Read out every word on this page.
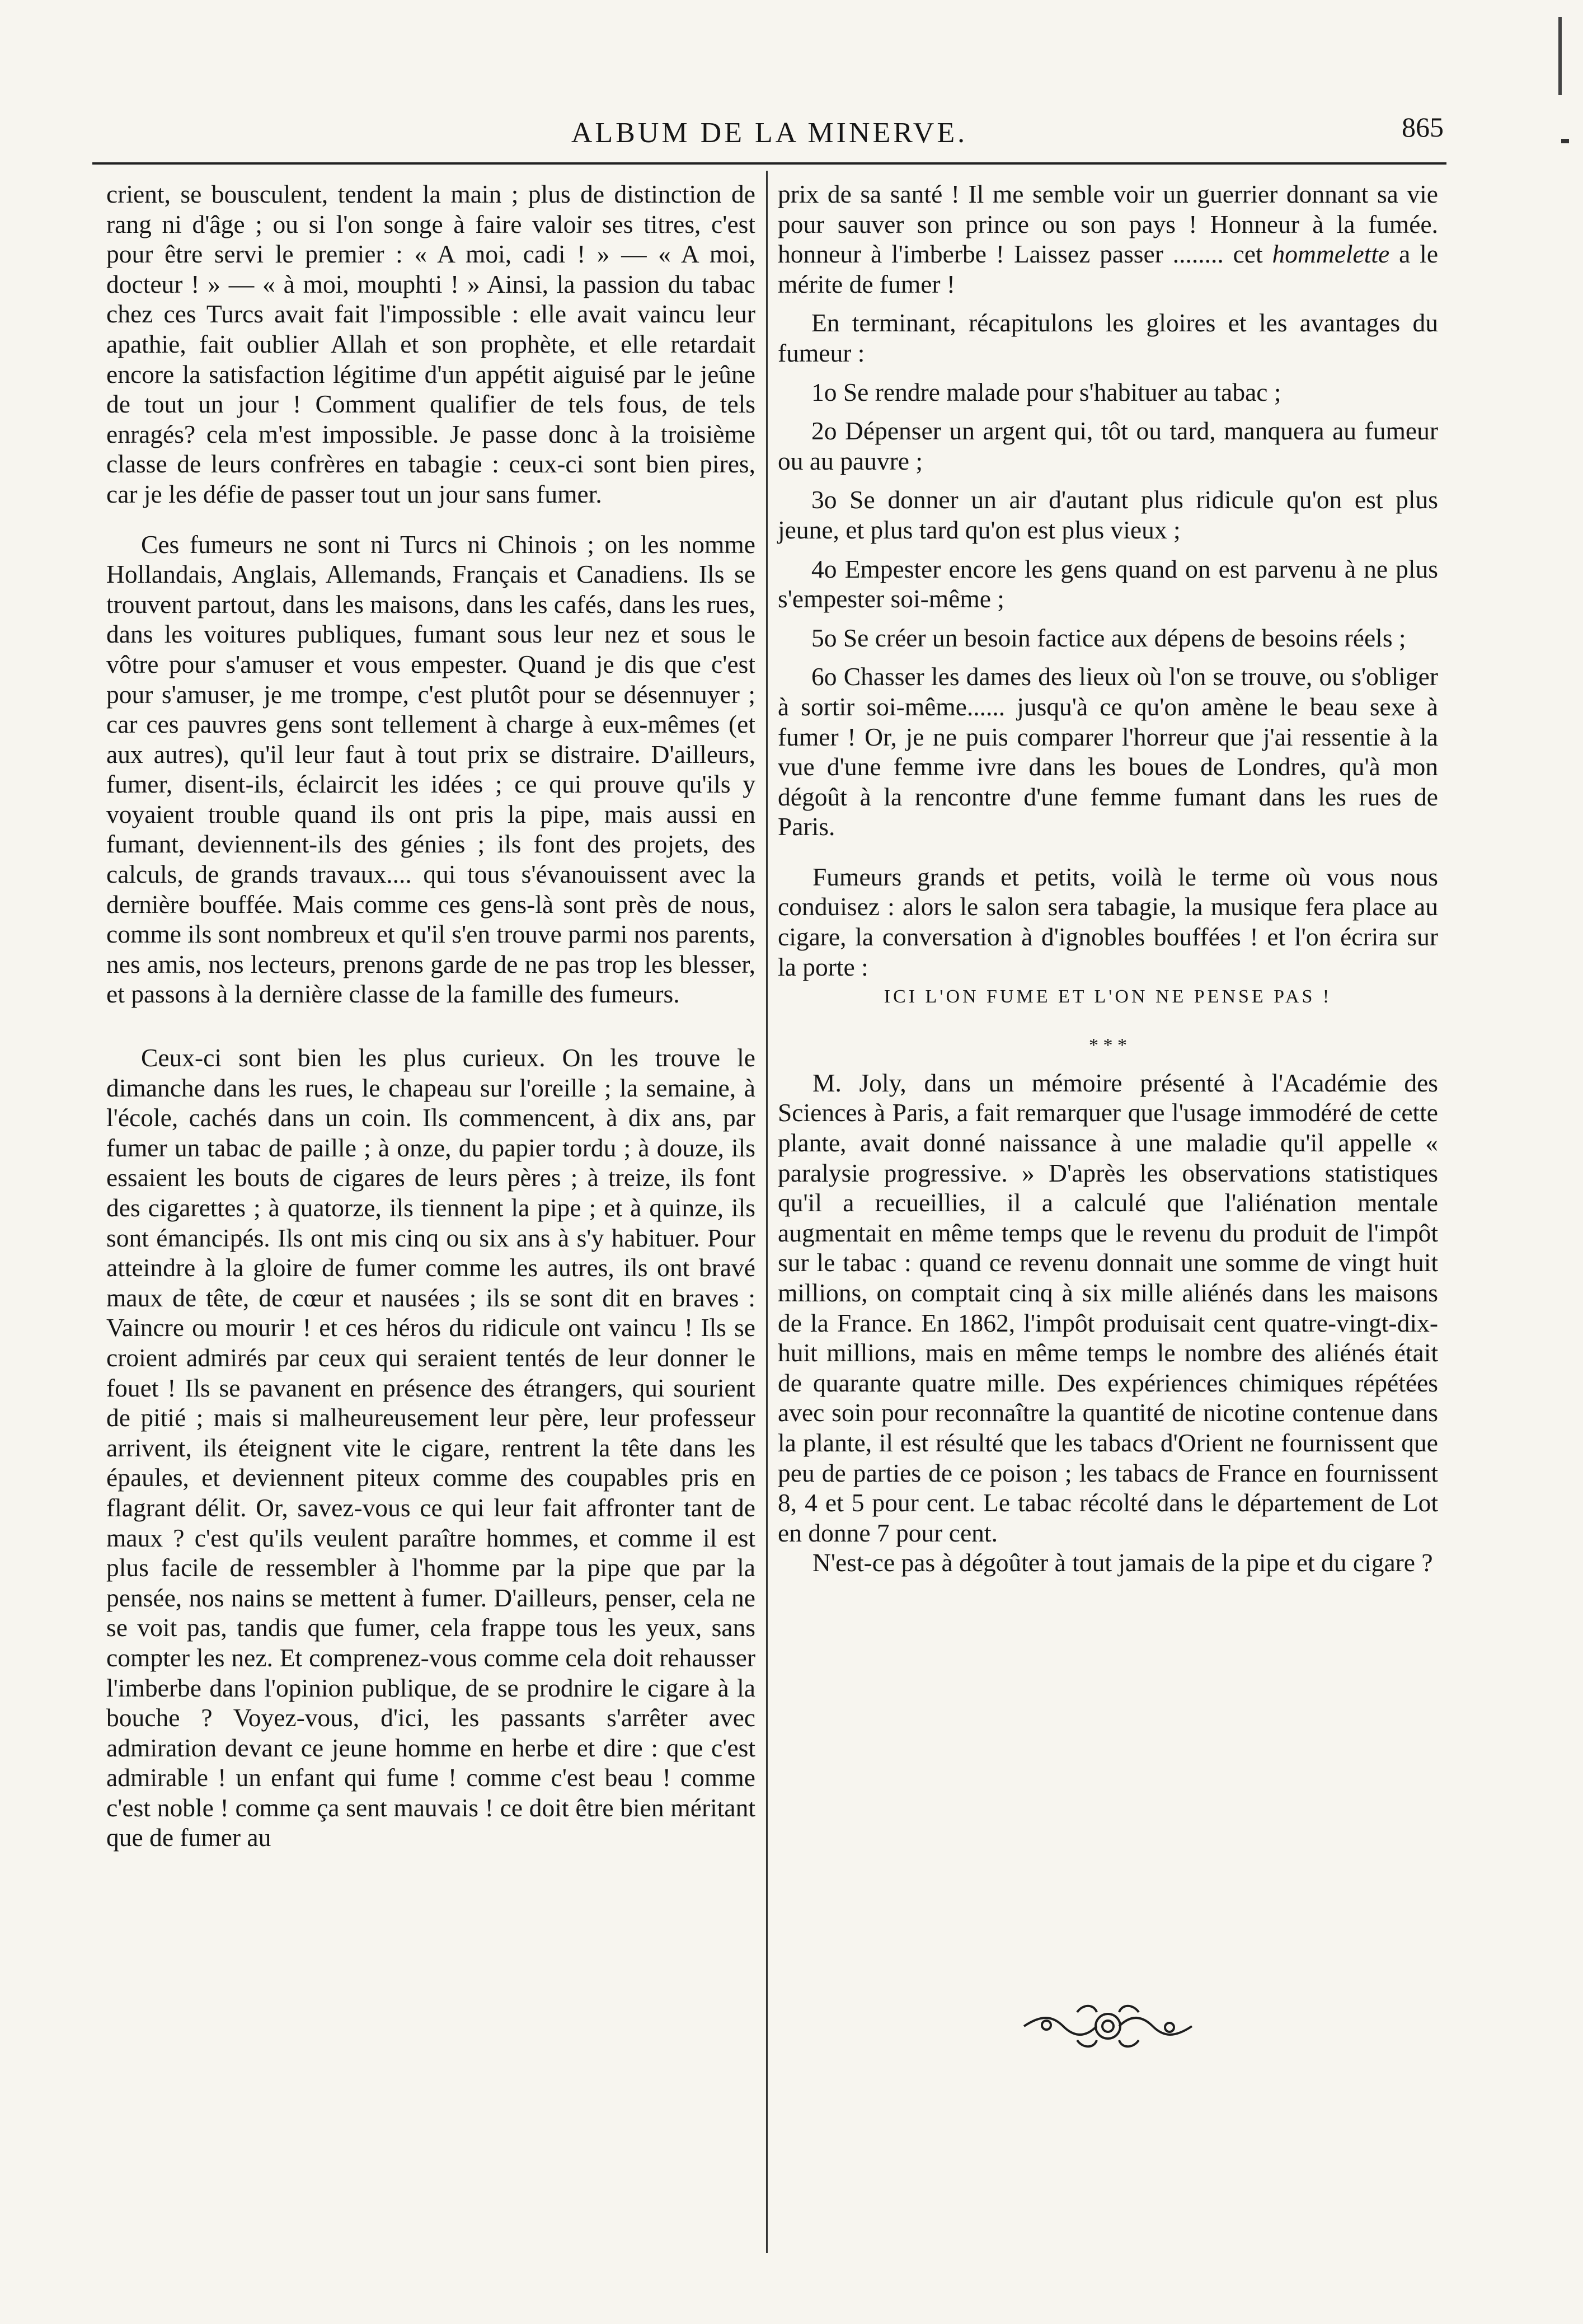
ALBUM DE LA MINERVE.	865

crient, se bousculent, tendent la main ; plus de distinction de rang ni d'âge ; ou si l'on songe à faire valoir ses titres, c'est pour être servi le premier : « A moi, cadi ! » — « A moi, docteur ! » — « à moi, mouphti ! » Ainsi, la passion du tabac chez ces Turcs avait fait l'impossible : elle avait vaincu leur apathie, fait oublier Allah et son prophète, et elle retardait encore la satisfaction légitime d'un appétit aiguisé par le jeûne de tout un jour ! Comment qualifier de tels fous, de tels enragés? cela m'est impossible. Je passe donc à la troisième classe de leurs confrères en tabagie : ceux-ci sont bien pires, car je les défie de passer tout un jour sans fumer.

Ces fumeurs ne sont ni Turcs ni Chinois ; on les nomme Hollandais, Anglais, Allemands, Français et Canadiens. Ils se trouvent partout, dans les maisons, dans les cafés, dans les rues, dans les voitures publiques, fumant sous leur nez et sous le vôtre pour s'amuser et vous empester. Quand je dis que c'est pour s'amuser, je me trompe, c'est plutôt pour se désennuyer ; car ces pauvres gens sont tellement à charge à eux-mêmes (et aux autres), qu'il leur faut à tout prix se distraire. D'ailleurs, fumer, disent-ils, éclaircit les idées ; ce qui prouve qu'ils y voyaient trouble quand ils ont pris la pipe, mais aussi en fumant, deviennent-ils des génies ; ils font des projets, des calculs, de grands travaux.... qui tous s'évanouissent avec la dernière bouffée. Mais comme ces gens-là sont près de nous, comme ils sont nombreux et qu'il s'en trouve parmi nos parents, nes amis, nos lecteurs, prenons garde de ne pas trop les blesser, et passons à la dernière classe de la famille des fumeurs.

Ceux-ci sont bien les plus curieux. On les trouve le dimanche dans les rues, le chapeau sur l'oreille ; la semaine, à l'école, cachés dans un coin. Ils commencent, à dix ans, par fumer un tabac de paille ; à onze, du papier tordu ; à douze, ils essaient les bouts de cigares de leurs pères ; à treize, ils font des cigarettes ; à quatorze, ils tiennent la pipe ; et à quinze, ils sont émancipés. Ils ont mis cinq ou six ans à s'y habituer. Pour atteindre à la gloire de fumer comme les autres, ils ont bravé maux de tête, de cœur et nausées ; ils se sont dit en braves : Vaincre ou mourir ! et ces héros du ridicule ont vaincu ! Ils se croient admirés par ceux qui seraient tentés de leur donner le fouet ! Ils se pavanent en présence des étrangers, qui sourient de pitié ; mais si malheureusement leur père, leur professeur arrivent, ils éteignent vite le cigare, rentrent la tête dans les épaules, et deviennent piteux comme des coupables pris en flagrant délit. Or, savez-vous ce qui leur fait affronter tant de maux ? c'est qu'ils veulent paraître hommes, et comme il est plus facile de ressembler à l'homme par la pipe que par la pensée, nos nains se mettent à fumer. D'ailleurs, penser, cela ne se voit pas, tandis que fumer, cela frappe tous les yeux, sans compter les nez. Et comprenez-vous comme cela doit rehausser l'imberbe dans l'opinion publique, de se prodnire le cigare à la bouche ? Voyez-vous, d'ici, les passants s'arrêter avec admiration devant ce jeune homme en herbe et dire : que c'est admirable ! un enfant qui fume ! comme c'est beau ! comme c'est noble ! comme ça sent mauvais ! ce doit être bien méritant que de fumer au

prix de sa santé ! Il me semble voir un guerrier donnant sa vie pour sauver son prince ou son pays ! Honneur à la fumée. honneur à l'imberbe ! Laissez passer ........ cet hommelette a le mérite de fumer !

En terminant, récapitulons les gloires et les avantages du fumeur :

1o Se rendre malade pour s'habituer au tabac ;

2o Dépenser un argent qui, tôt ou tard, manquera au fumeur ou au pauvre ;

3o Se donner un air d'autant plus ridicule qu'on est plus jeune, et plus tard qu'on est plus vieux ;

4o Empester encore les gens quand on est parvenu à ne plus s'empester soi-même ;

5o Se créer un besoin factice aux dépens de besoins réels ;

6o Chasser les dames des lieux où l'on se trouve, ou s'obliger à sortir soi-même...... jusqu'à ce qu'on amène le beau sexe à fumer ! Or, je ne puis comparer l'horreur que j'ai ressentie à la vue d'une femme ivre dans les boues de Londres, qu'à mon dégoût à la rencontre d'une femme fumant dans les rues de Paris.

Fumeurs grands et petits, voilà le terme où vous nous conduisez : alors le salon sera tabagie, la musique fera place au cigare, la conversation à d'ignobles bouffées ! et l'on écrira sur la porte :

ICI L'ON FUME ET L'ON NE PENSE PAS !

* * *

M. Joly, dans un mémoire présenté à l'Académie des Sciences à Paris, a fait remarquer que l'usage immodéré de cette plante, avait donné naissance à une maladie qu'il appelle « paralysie progressive. » D'après les observations statistiques qu'il a recueillies, il a calculé que l'aliénation mentale augmentait en même temps que le revenu du produit de l'impôt sur le tabac : quand ce revenu donnait une somme de vingt huit millions, on comptait cinq à six mille aliénés dans les maisons de la France. En 1862, l'impôt produisait cent quatre-vingt-dix-huit millions, mais en même temps le nombre des aliénés était de quarante quatre mille. Des expériences chimiques répétées avec soin pour reconnaître la quantité de nicotine contenue dans la plante, il est résulté que les tabacs d'Orient ne fournissent que peu de parties de ce poison ; les tabacs de France en fournissent 8, 4 et 5 pour cent. Le tabac récolté dans le département de Lot en donne 7 pour cent.

N'est-ce pas à dégoûter à tout jamais de la pipe et du cigare ?
